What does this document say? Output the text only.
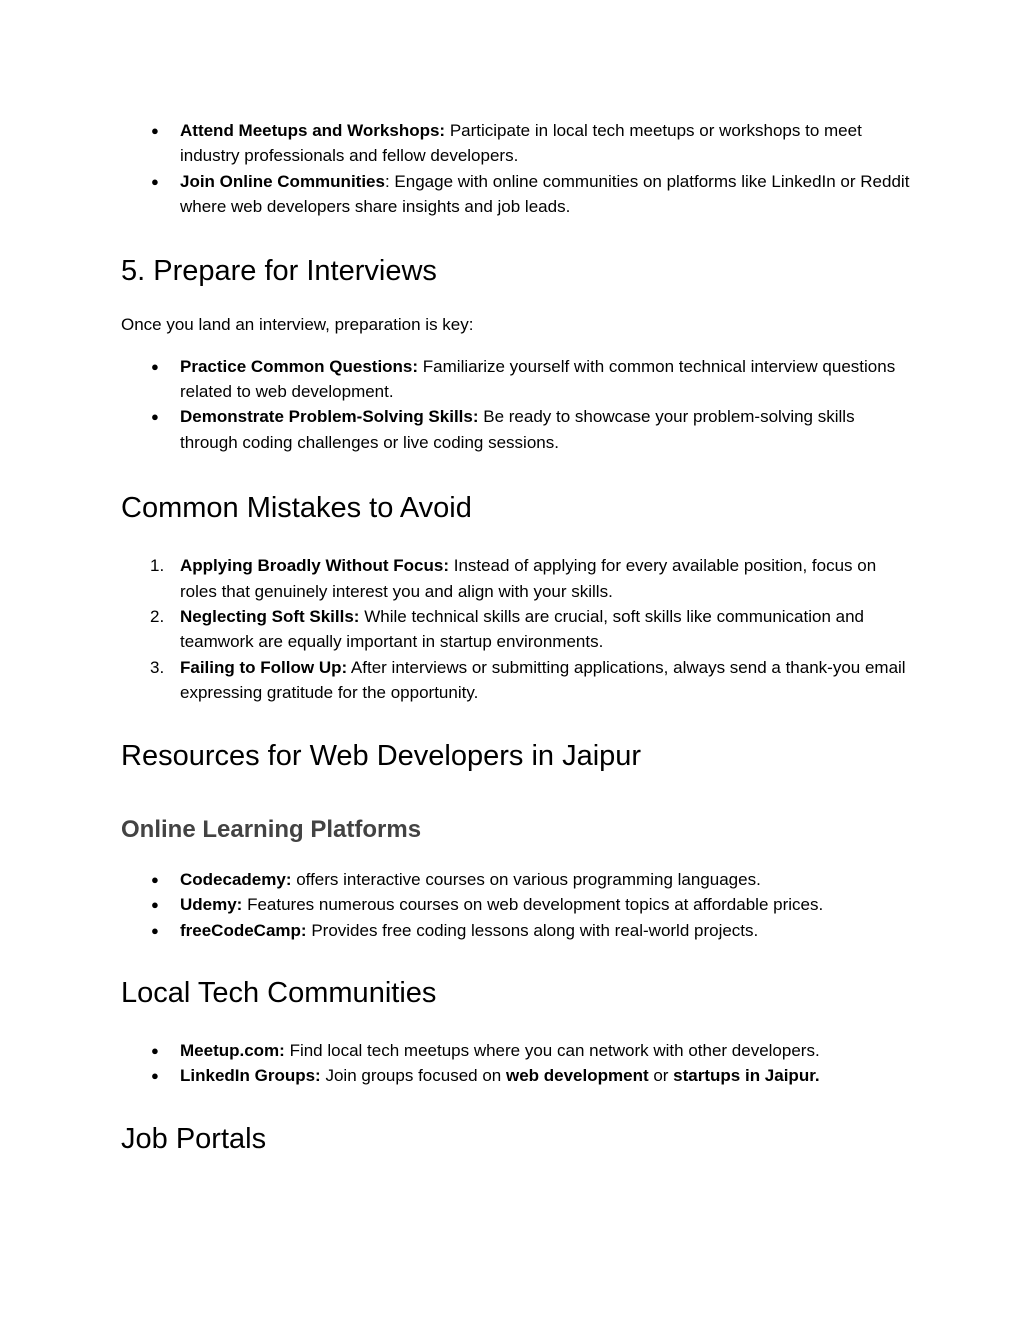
● Attend Meetups and Workshops: Participate in local tech meetups or workshops to meet industry professionals and fellow developers.
● Join Online Communities: Engage with online communities on platforms like LinkedIn or Reddit where web developers share insights and job leads.
5. Prepare for Interviews

Once you land an interview, preparation is key:

● Practice Common Questions: Familiarize yourself with common technical interview questions related to web development.
● Demonstrate Problem-Solving Skills: Be ready to showcase your problem-solving skills through coding challenges or live coding sessions.
Common Mistakes to Avoid
1. Applying Broadly Without Focus: Instead of applying for every available position, focus on roles that genuinely interest you and align with your skills.
2. Neglecting Soft Skills: While technical skills are crucial, soft skills like communication and teamwork are equally important in startup environments.
3. Failing to Follow Up: After interviews or submitting applications, always send a thank-you email expressing gratitude for the opportunity.
Resources for Web Developers in Jaipur
Online Learning Platforms
● Codecademy: offers interactive courses on various programming languages.
● Udemy: Features numerous courses on web development topics at affordable prices.
● freeCodeCamp: Provides free coding lessons along with real-world projects.
Local Tech Communities
● Meetup.com: Find local tech meetups where you can network with other developers.
● LinkedIn Groups: Join groups focused on web development or startups in Jaipur.
Job Portals
